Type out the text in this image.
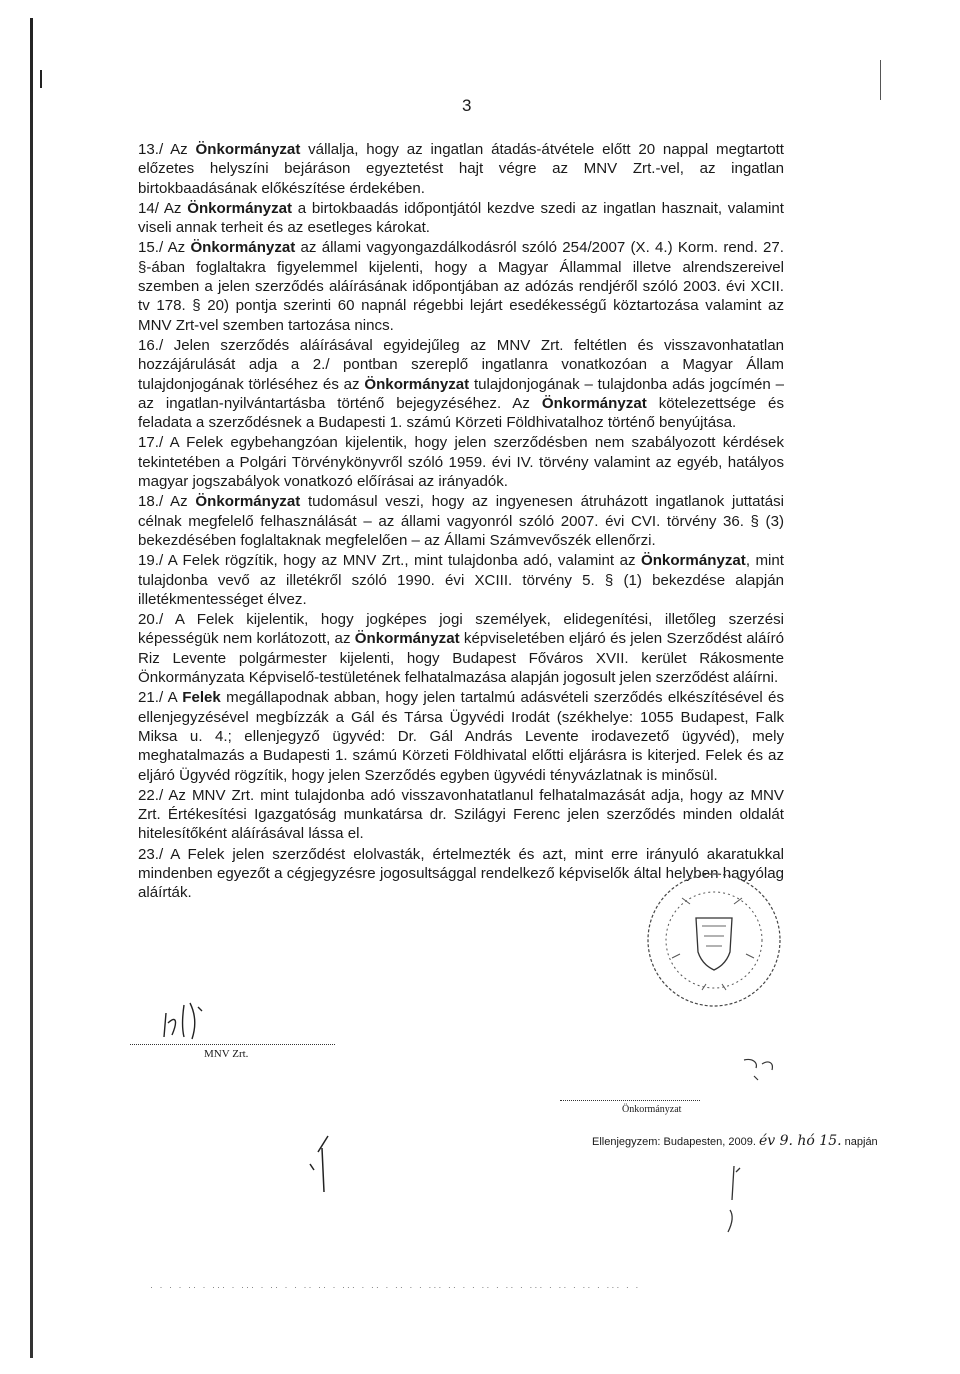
3

13./ Az Önkormányzat vállalja, hogy az ingatlan átadás-átvétele előtt 20 nappal megtartott előzetes helyszíni bejáráson egyeztetést hajt végre az MNV Zrt.-vel, az ingatlan birtokbaadásának előkészítése érdekében.

14/ Az Önkormányzat a birtokbaadás időpontjától kezdve szedi az ingatlan hasznait, valamint viseli annak terheit és az esetleges károkat.

15./ Az Önkormányzat az állami vagyongazdálkodásról szóló 254/2007 (X. 4.) Korm. rend. 27. §-ában foglaltakra figyelemmel kijelenti, hogy a Magyar Állammal illetve alrendszereivel szemben a jelen szerződés aláírásának időpontjában az adózás rendjéről szóló 2003. évi XCII. tv 178. § 20) pontja szerinti 60 napnál régebbi lejárt esedékességű köztartozása valamint az MNV Zrt-vel szemben tartozása nincs.

16./ Jelen szerződés aláírásával egyidejűleg az MNV Zrt. feltétlen és visszavonhatatlan hozzájárulását adja a 2./ pontban szereplő ingatlanra vonatkozóan a Magyar Állam tulajdonjogának törléséhez és az Önkormányzat tulajdonjogának – tulajdonba adás jogcímén – az ingatlan-nyilvántartásba történő bejegyzéséhez. Az Önkormányzat kötelezettsége és feladata a szerződésnek a Budapesti 1. számú Körzeti Földhivatalhoz történő benyújtása.

17./ A Felek egybehangzóan kijelentik, hogy jelen szerződésben nem szabályozott kérdések tekintetében a Polgári Törvénykönyvről szóló 1959. évi IV. törvény valamint az egyéb, hatályos magyar jogszabályok vonatkozó előírásai az irányadók.

18./ Az Önkormányzat tudomásul veszi, hogy az ingyenesen átruházott ingatlanok juttatási célnak megfelelő felhasználását – az állami vagyonról szóló 2007. évi CVI. törvény 36. § (3) bekezdésében foglaltaknak megfelelően – az Állami Számvevőszék ellenőrzi.

19./ A Felek rögzítik, hogy az MNV Zrt., mint tulajdonba adó, valamint az Önkormányzat, mint tulajdonba vevő az illetékről szóló 1990. évi XCIII. törvény 5. § (1) bekezdése alapján illetékmentességet élvez.

20./ A Felek kijelentik, hogy jogképes jogi személyek, elidegenítési, illetőleg szerzési képességük nem korlátozott, az Önkormányzat képviseletében eljáró és jelen Szerződést aláíró Riz Levente polgármester kijelenti, hogy Budapest Főváros XVII. kerület Rákosmente Önkormányzata Képviselő-testületének felhatalmazása alapján jogosult jelen szerződést aláírni.

21./ A Felek megállapodnak abban, hogy jelen tartalmú adásvételi szerződés elkészítésével és ellenjegyzésével megbízzák a Gál és Társa Ügyvédi Irodát (székhelye: 1055 Budapest, Falk Miksa u. 4.; ellenjegyző ügyvéd: Dr. Gál András Levente irodavezető ügyvéd), mely meghatalmazás a Budapesti 1. számú Körzeti Földhivatal előtti eljárásra is kiterjed. Felek és az eljáró Ügyvéd rögzítik, hogy jelen Szerződés egyben ügyvédi tényvázlatnak is minősül.

22./ Az MNV Zrt. mint tulajdonba adó visszavonhatatlanul felhatalmazását adja, hogy az MNV Zrt. Értékesítési Igazgatóság munkatársa dr. Szilágyi Ferenc jelen szerződés minden oldalát hitelesítőként aláírásával lássa el.

23./ A Felek jelen szerződést elolvasták, értelmezték és azt, mint erre irányuló akaratukkal mindenben egyezőt a cégjegyzésre jogosultsággal rendelkező képviselők által helyben hagyólag aláírták.

MNV Zrt.
Önkormányzat
Ellenjegyzem: Budapesten, 2009. év 9. hó 15. napján
· · · · ·· · ··· · ··· · ·· · · ·· ·· · ··· · ·· · ·· · · ··· ·· · · ·· · ·· · ··· · ·· · ·· · ··· · ·
